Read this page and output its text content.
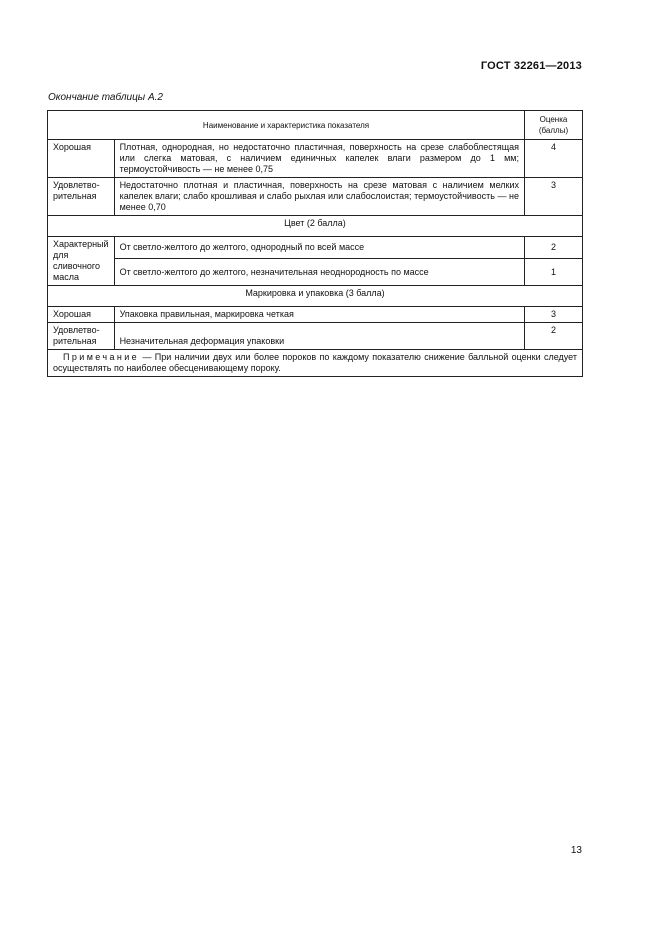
ГОСТ 32261—2013
Окончание таблицы А.2
Наименование и характеристика показателя		Оценка (баллы)
Хорошая	Плотная, однородная, но недостаточно пластичная, поверхность на срезе слабоблестящая или слегка матовая, с наличием единичных капелек влаги размером до 1 мм; термоустойчивость — не менее 0,75	4
Удовлетво-рительная	Недостаточно плотная и пластичная, поверхность на срезе матовая с наличием мелких капелек влаги; слабо крошливая и слабо рыхлая или слабослоистая; термоустойчивость — не менее 0,70	3
Цвет (2 балла)		
Характерный для сливочного масла	От светло-желтого до желтого, однородный по всей массе	2
	От светло-желтого до желтого, незначительная неоднородность по массе	1
Маркировка и упаковка (3 балла)		
Хорошая	Упаковка правильная, маркировка четкая	3
Удовлетво-рительная	Незначительная деформация упаковки	2
Примечание — При наличии двух или более пороков по каждому показателю снижение балльной оценки следует осуществлять по наиболее обесценивающему пороку.		
13
